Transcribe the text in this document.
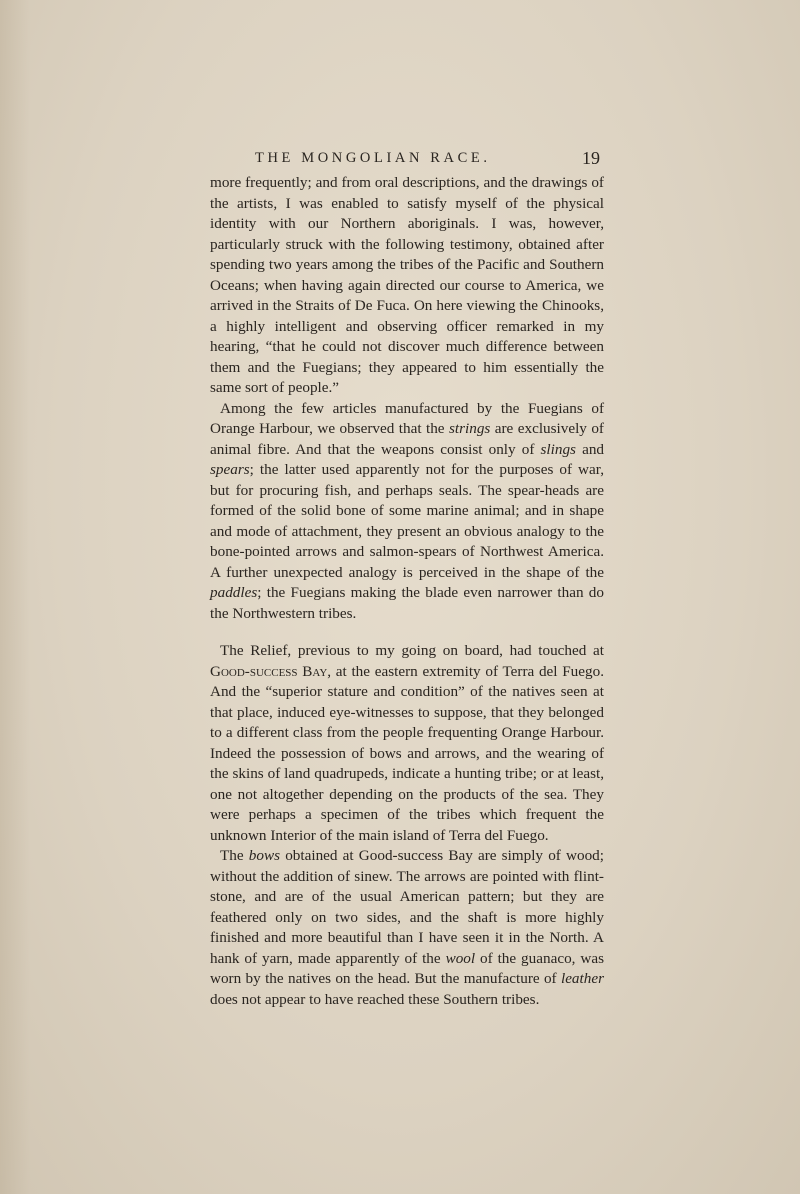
THE MONGOLIAN RACE.	19

more frequently; and from oral descriptions, and the drawings of the artists, I was enabled to satisfy myself of the physical identity with our Northern aboriginals. I was, however, particularly struck with the following testimony, obtained after spending two years among the tribes of the Pacific and Southern Oceans; when having again directed our course to America, we arrived in the Straits of De Fuca. On here viewing the Chinooks, a highly intelligent and observing officer remarked in my hearing, “that he could not discover much difference between them and the Fuegians; they appeared to him essentially the same sort of people.”

Among the few articles manufactured by the Fuegians of Orange Harbour, we observed that the strings are exclusively of animal fibre. And that the weapons consist only of slings and spears; the latter used apparently not for the purposes of war, but for procuring fish, and perhaps seals. The spear-heads are formed of the solid bone of some marine animal; and in shape and mode of attachment, they present an obvious analogy to the bone-pointed arrows and salmon-spears of Northwest America. A further unexpected analogy is perceived in the shape of the paddles; the Fuegians making the blade even narrower than do the Northwestern tribes.

The Relief, previous to my going on board, had touched at Good-success Bay, at the eastern extremity of Terra del Fuego. And the “superior stature and condition” of the natives seen at that place, induced eye-witnesses to suppose, that they belonged to a different class from the people frequenting Orange Harbour. Indeed the possession of bows and arrows, and the wearing of the skins of land quadrupeds, indicate a hunting tribe; or at least, one not altogether depending on the products of the sea. They were perhaps a specimen of the tribes which frequent the unknown Interior of the main island of Terra del Fuego.

The bows obtained at Good-success Bay are simply of wood; without the addition of sinew. The arrows are pointed with flint-stone, and are of the usual American pattern; but they are feathered only on two sides, and the shaft is more highly finished and more beautiful than I have seen it in the North. A hank of yarn, made apparently of the wool of the guanaco, was worn by the natives on the head. But the manufacture of leather does not appear to have reached these Southern tribes.
